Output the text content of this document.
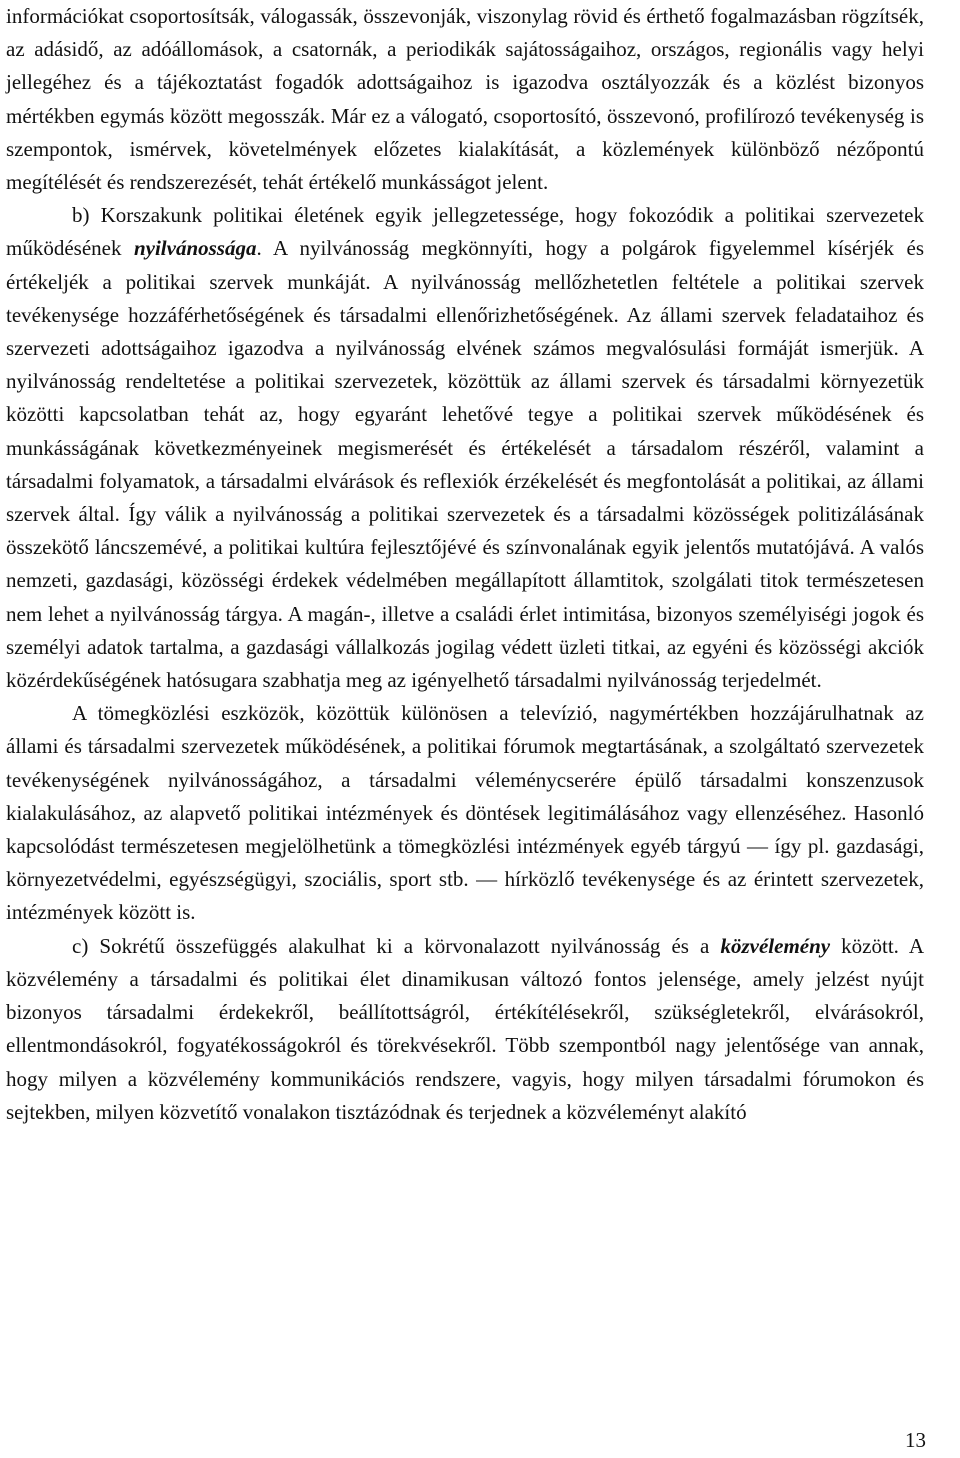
információkat csoportosítsák, válogassák, összevonják, viszonylag rövid és érthető fogalmazásban rögzítsék, az adásidő, az adóállomások, a csatornák, a periodikák sajátosságaihoz, országos, regionális vagy helyi jellegéhez és a tájékoztatást fogadók adottságaihoz is igazodva osztályozzák és a közlést bizonyos mértékben egymás között megosszák. Már ez a válogató, csoportosító, összevonó, profilírozó tevékenység is szempontok, ismérvek, követelmények előzetes kialakítását, a közlemények különböző nézőpontú megítélését és rendszerezését, tehát értékelő munkásságot jelent.

b) Korszakunk politikai életének egyik jellegzetessége, hogy fokozódik a politikai szervezetek működésének nyilvánossága. A nyilvánosság megkönnyíti, hogy a polgárok figyelemmel kísérjék és értékeljék a politikai szervek munkáját. A nyilvánosság mellőzhetetlen feltétele a politikai szervek tevékenysége hozzáférhetőségének és társadalmi ellenőrizhetőségének. Az állami szervek feladataihoz és szervezeti adottságaihoz igazodva a nyilvánosság elvének számos megvalósulási formáját ismerjük. A nyilvánosság rendeltetése a politikai szervezetek, közöttük az állami szervek és társadalmi környezetük közötti kapcsolatban tehát az, hogy egyaránt lehetővé tegye a politikai szervek működésének és munkásságának következményeinek megismerését és értékelését a társadalom részéről, valamint a társadalmi folyamatok, a társadalmi elvárások és reflexiók érzékelését és megfontolását a politikai, az állami szervek által. Így válik a nyilvánosság a politikai szervezetek és a társadalmi közösségek politizálásának összekötő láncszemévé, a politikai kultúra fejlesztőjévé és színvonalának egyik jelentős mutatójává. A valós nemzeti, gazdasági, közösségi érdekek védelmében megállapított államtitok, szolgálati titok természetesen nem lehet a nyilvánosság tárgya. A magán-, illetve a családi érlet intimitása, bizonyos személyiségi jogok és személyi adatok tartalma, a gazdasági vállalkozás jogilag védett üzleti titkai, az egyéni és közösségi akciók közérdekűségének hatósugara szabhatja meg az igényelhető társadalmi nyilvánosság terjedelmét.

A tömegközlési eszközök, közöttük különösen a televízió, nagymértékben hozzájárulhatnak az állami és társadalmi szervezetek működésének, a politikai fórumok megtartásának, a szolgáltató szervezetek tevékenységének nyilvánosságához, a társadalmi véleménycserére épülő társadalmi konszenzusok kialakulásához, az alapvető politikai intézmények és döntések legitimálásához vagy ellenzéséhez. Hasonló kapcsolódást természetesen megjelölhetünk a tömegközlési intézmények egyéb tárgyú — így pl. gazdasági, környezetvédelmi, egyészségügyi, szociális, sport stb. — hírközlő tevékenysége és az érintett szervezetek, intézmények között is.

c) Sokrétű összefüggés alakulhat ki a körvonalazott nyilvánosság és a közvélemény között. A közvélemény a társadalmi és politikai élet dinamikusan változó fontos jelensége, amely jelzést nyújt bizonyos társadalmi érdekekről, beállítottságról, értékítélésekről, szükségletekről, elvárásokról, ellentmondásokról, fogyatékosságokról és törekvésekről. Több szempontból nagy jelentősége van annak, hogy milyen a közvélemény kommunikációs rendszere, vagyis, hogy milyen társadalmi fórumokon és sejtekben, milyen közvetítő vonalakon tisztázódnak és terjednek a közvéleményt alakító

13
